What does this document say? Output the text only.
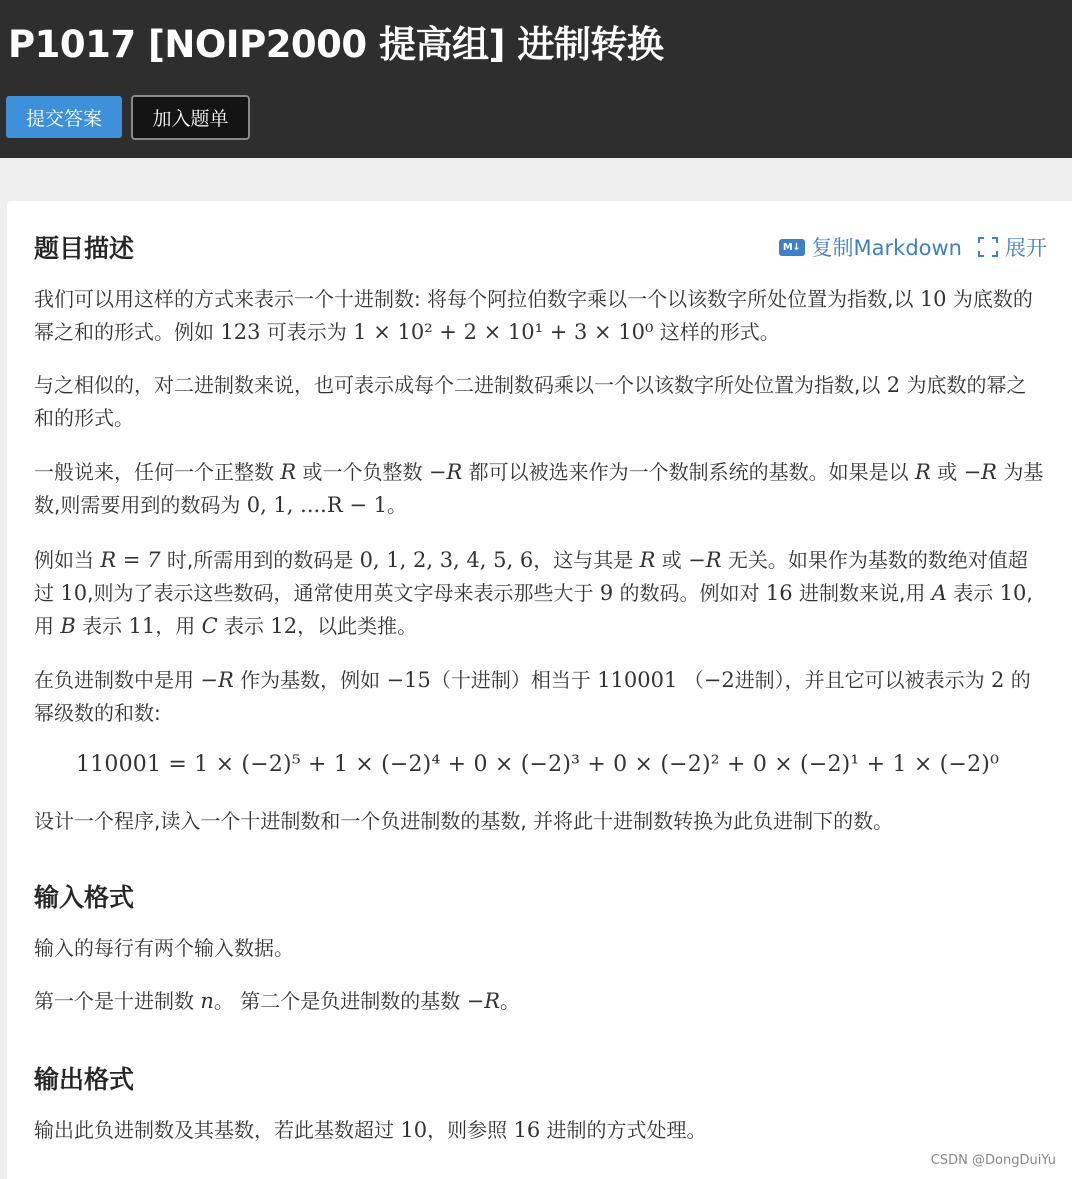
P1017 [NOIP2000 提高组] 进制转换
提交答案	加入题单
题目描述	M↓ 复制Markdown 展开
我们可以用这样的方式来表示一个十进制数: 将每个阿拉伯数字乘以一个以该数字所处位置为指数,以 10 为底数的幂之和的形式。例如 123 可表示为 1 × 10² + 2 × 10¹ + 3 × 10⁰ 这样的形式。
与之相似的，对二进制数来说，也可表示成每个二进制数码乘以一个以该数字所处位置为指数,以 2 为底数的幂之和的形式。
一般说来，任何一个正整数 R 或一个负整数 −R 都可以被选来作为一个数制系统的基数。如果是以 R 或 −R 为基数,则需要用到的数码为 0, 1, ....R − 1。
例如当 R = 7 时,所需用到的数码是 0, 1, 2, 3, 4, 5, 6，这与其是 R 或 −R 无关。如果作为基数的数绝对值超过 10,则为了表示这些数码，通常使用英文字母来表示那些大于 9 的数码。例如对 16 进制数来说,用 A 表示 10,用 B 表示 11，用 C 表示 12，以此类推。
在负进制数中是用 −R 作为基数，例如 −15（十进制）相当于 110001 （−2进制），并且它可以被表示为 2 的幂级数的和数:
110001 = 1 × (−2)⁵ + 1 × (−2)⁴ + 0 × (−2)³ + 0 × (−2)² + 0 × (−2)¹ + 1 × (−2)⁰
设计一个程序,读入一个十进制数和一个负进制数的基数, 并将此十进制数转换为此负进制下的数。
输入格式
输入的每行有两个输入数据。
第一个是十进制数 n。 第二个是负进制数的基数 −R。
输出格式
输出此负进制数及其基数，若此基数超过 10，则参照 16 进制的方式处理。
CSDN @DongDuiYu
